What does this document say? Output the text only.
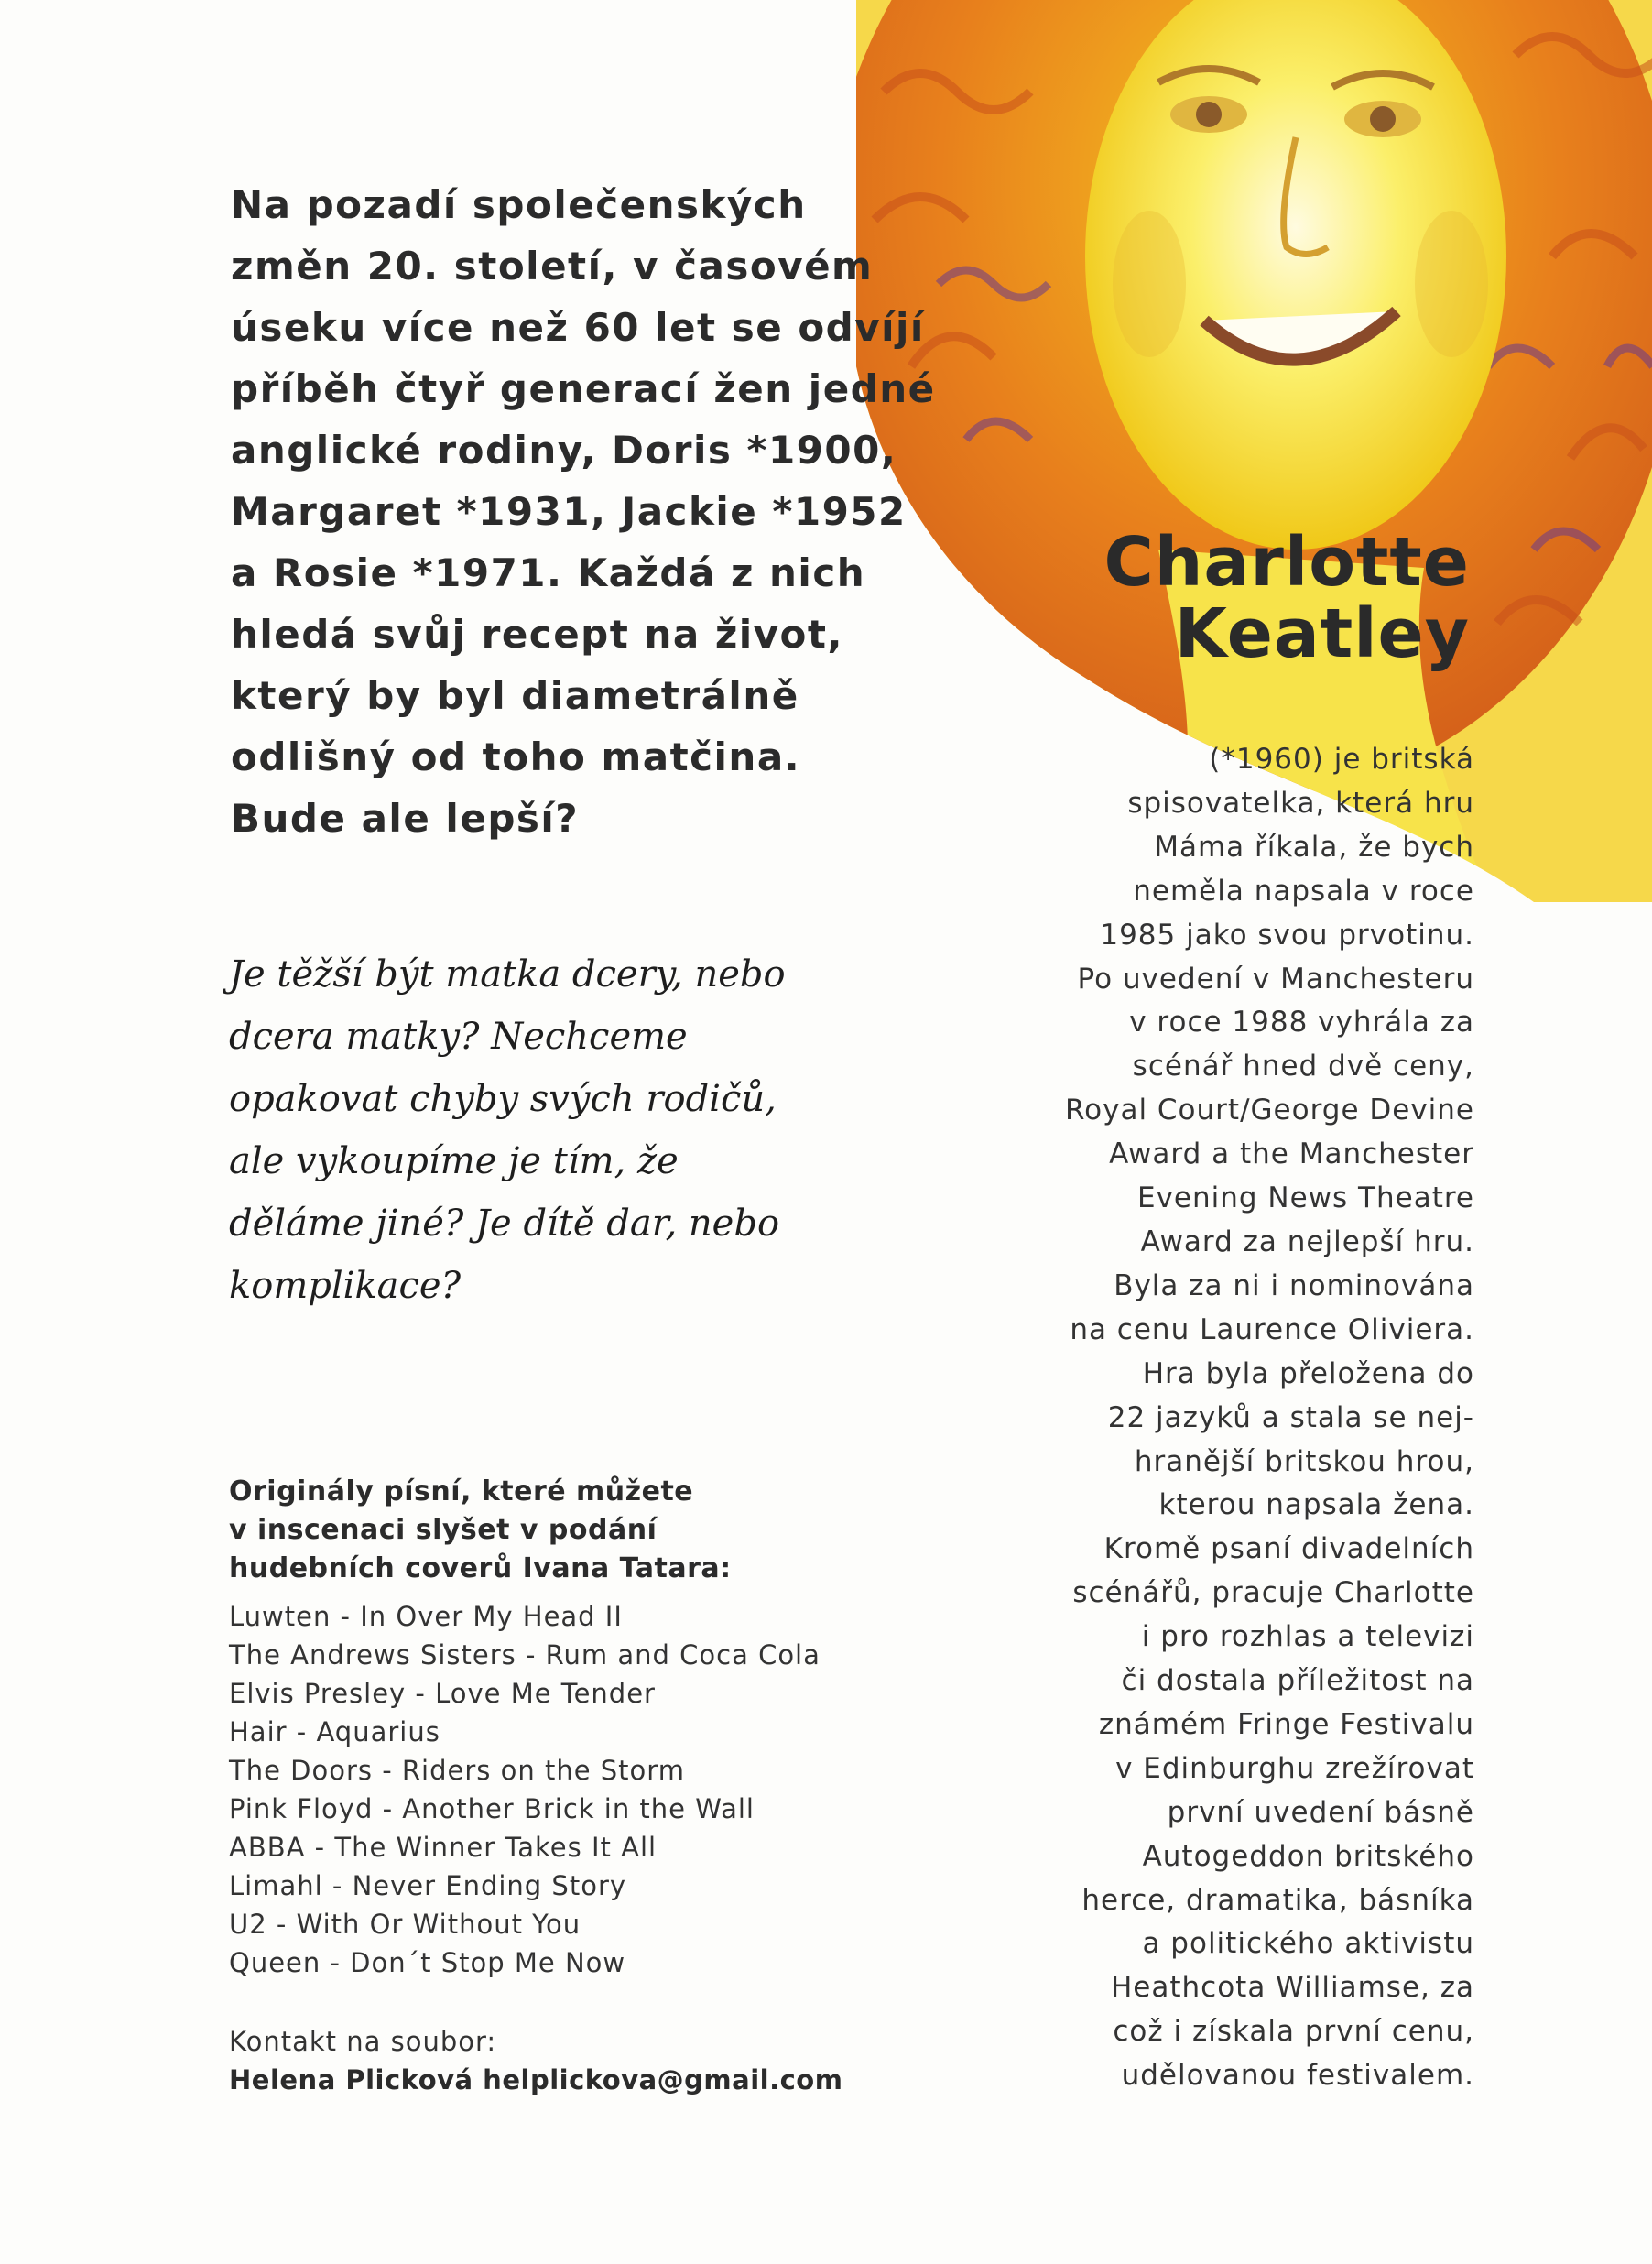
Na pozadí společenských
změn 20. století, v časovém
úseku více než 60 let se odvíjí
příběh čtyř generací žen jedné
anglické rodiny, Doris *1900,
Margaret *1931, Jackie *1952
a Rosie *1971. Každá z nich
hledá svůj recept na život,
který by byl diametrálně
odlišný od toho matčina.
Bude ale lepší?

Je těžší být matka dcery, nebo
dcera matky? Nechceme
opakovat chyby svých rodičů,
ale vykoupíme je tím, že
děláme jiné? Je dítě dar, nebo
komplikace?

Originály písní, které můžete
v inscenaci slyšet v podání
hudebních coverů Ivana Tatara:

Luwten - In Over My Head II
The Andrews Sisters - Rum and Coca Cola
Elvis Presley - Love Me Tender
Hair - Aquarius
The Doors - Riders on the Storm
Pink Floyd - Another Brick in the Wall
ABBA - The Winner Takes It All
Limahl - Never Ending Story
U2 - With Or Without You
Queen - Don´t Stop Me Now
Kontakt na soubor:
Helena Plicková helplickova@gmail.com
Charlotte
Keatley

(*1960) je britská
spisovatelka, která hru
Máma říkala, že bych
neměla napsala v roce
1985 jako svou prvotinu.
Po uvedení v Manchesteru
v roce 1988 vyhrála za
scénář hned dvě ceny,
Royal Court/George Devine
Award a the Manchester
Evening News Theatre
Award za nejlepší hru.
Byla za ni i nominována
na cenu Laurence Oliviera.
Hra byla přeložena do
22 jazyků a stala se nej-
hranější britskou hrou,
kterou napsala žena.
Kromě psaní divadelních
scénářů, pracuje Charlotte
i pro rozhlas a televizi
či dostala příležitost na
známém Fringe Festivalu
v Edinburghu zrežírovat
první uvedení básně
Autogeddon britského
herce, dramatika, básníka
a politického aktivistu
Heathcota Williamse, za
což i získala první cenu,
udělovanou festivalem.
